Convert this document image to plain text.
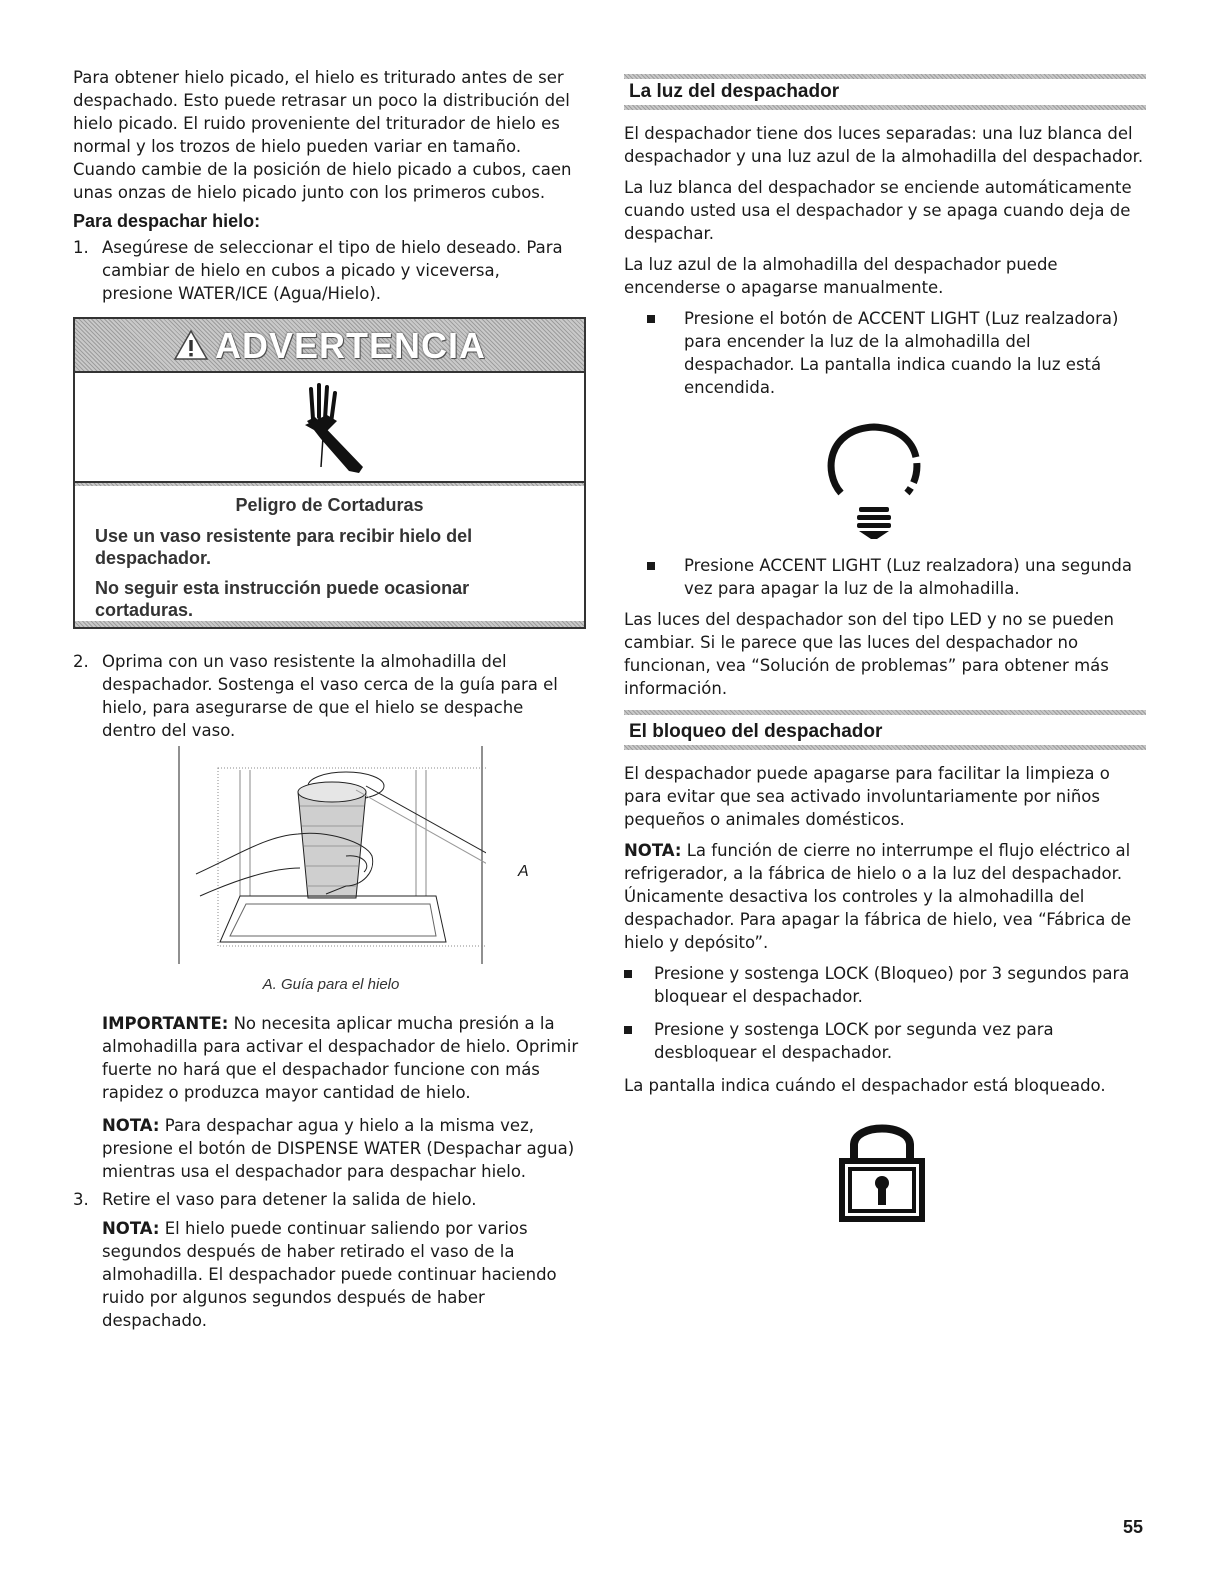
Para obtener hielo picado, el hielo es triturado antes de ser despachado. Esto puede retrasar un poco la distribución del hielo picado. El ruido proveniente del triturador de hielo es normal y los trozos de hielo pueden variar en tamaño. Cuando cambie de la posición de hielo picado a cubos, caen unas onzas de hielo picado junto con los primeros cubos.

Para despachar hielo:
1. Asegúrese de seleccionar el tipo de hielo deseado. Para cambiar de hielo en cubos a picado y viceversa, presione WATER/ICE (Agua/Hielo).

ADVERTENCIA
Peligro de Cortaduras

Use un vaso resistente para recibir hielo del despachador.

No seguir esta instrucción puede ocasionar cortaduras.

2. Oprima con un vaso resistente la almohadilla del despachador. Sostenga el vaso cerca de la guía para el hielo, para asegurarse de que el hielo se despache dentro del vaso.

A
A. Guía para el hielo

IMPORTANTE: No necesita aplicar mucha presión a la almohadilla para activar el despachador de hielo. Oprimir fuerte no hará que el despachador funcione con más rapidez o produzca mayor cantidad de hielo.

NOTA: Para despachar agua y hielo a la misma vez, presione el botón de DISPENSE WATER (Despachar agua) mientras usa el despachador para despachar hielo.

3. Retire el vaso para detener la salida de hielo.

NOTA: El hielo puede continuar saliendo por varios segundos después de haber retirado el vaso de la almohadilla. El despachador puede continuar haciendo ruido por algunos segundos después de haber despachado.

La luz del despachador

El despachador tiene dos luces separadas: una luz blanca del despachador y una luz azul de la almohadilla del despachador.

La luz blanca del despachador se enciende automáticamente cuando usted usa el despachador y se apaga cuando deja de despachar.

La luz azul de la almohadilla del despachador puede encenderse o apagarse manualmente.

Presione el botón de ACCENT LIGHT (Luz realzadora) para encender la luz de la almohadilla del despachador. La pantalla indica cuando la luz está encendida.

Presione ACCENT LIGHT (Luz realzadora) una segunda vez para apagar la luz de la almohadilla.

Las luces del despachador son del tipo LED y no se pueden cambiar. Si le parece que las luces del despachador no funcionan, vea “Solución de problemas” para obtener más información.

El bloqueo del despachador

El despachador puede apagarse para facilitar la limpieza o para evitar que sea activado involuntariamente por niños pequeños o animales domésticos.

NOTA: La función de cierre no interrumpe el flujo eléctrico al refrigerador, a la fábrica de hielo o a la luz del despachador. Únicamente desactiva los controles y la almohadilla del despachador. Para apagar la fábrica de hielo, vea “Fábrica de hielo y depósito”.

Presione y sostenga LOCK (Bloqueo) por 3 segundos para bloquear el despachador.

Presione y sostenga LOCK por segunda vez para desbloquear el despachador.

La pantalla indica cuándo el despachador está bloqueado.

55
